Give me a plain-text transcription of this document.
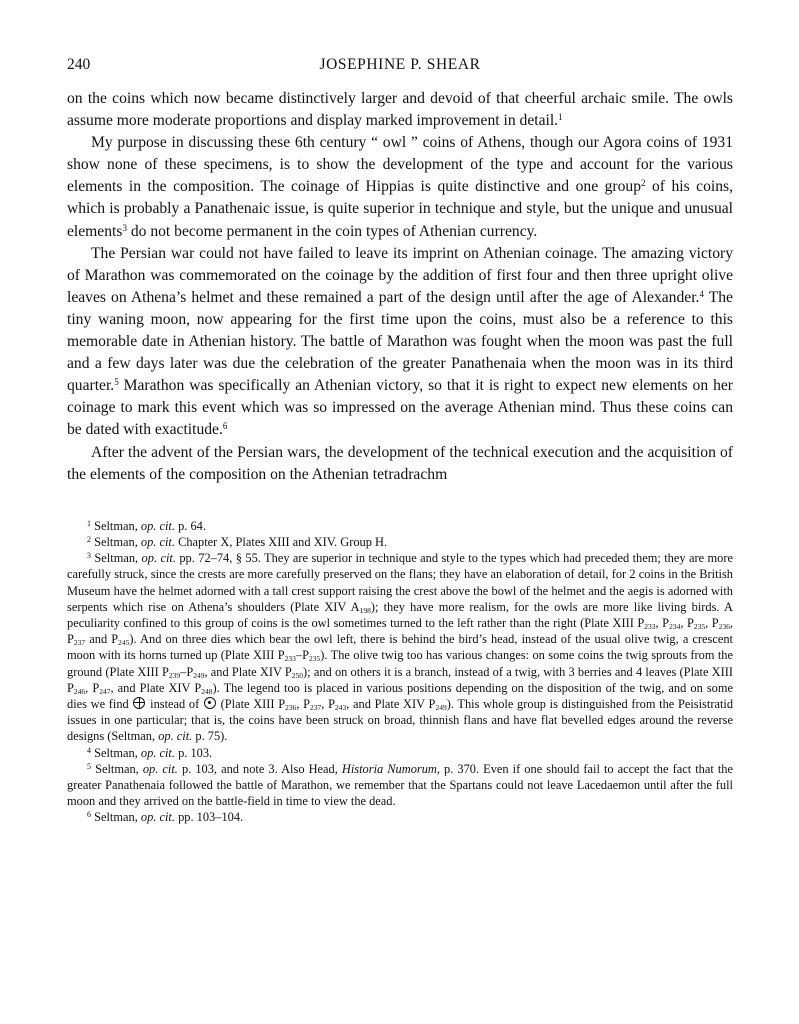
240	JOSEPHINE P. SHEAR

on the coins which now became distinctively larger and devoid of that cheerful archaic smile. The owls assume more moderate proportions and display marked improvement in detail.$^1$

My purpose in discussing these 6th century “ owl ” coins of Athens, though our Agora coins of 1931 show none of these specimens, is to show the development of the type and account for the various elements in the composition. The coinage of Hippias is quite distinctive and one group$^2$ of his coins, which is probably a Panathenaic issue, is quite superior in technique and style, but the unique and unusual elements$^3$ do not become permanent in the coin types of Athenian currency.

The Persian war could not have failed to leave its imprint on Athenian coinage. The amazing victory of Marathon was commemorated on the coinage by the addition of first four and then three upright olive leaves on Athena’s helmet and these remained a part of the design until after the age of Alexander.$^4$ The tiny waning moon, now appearing for the first time upon the coins, must also be a reference to this memorable date in Athenian history. The battle of Marathon was fought when the moon was past the full and a few days later was due the celebration of the greater Panathenaia when the moon was in its third quarter.$^5$ Marathon was specifically an Athenian victory, so that it is right to expect new elements on her coinage to mark this event which was so impressed on the average Athenian mind. Thus these coins can be dated with exactitude.$^6$

After the advent of the Persian wars, the development of the technical execution and the acquisition of the elements of the composition on the Athenian tetradrachm

$^1$ Seltman, op. cit. p. 64.

$^2$ Seltman, op. cit. Chapter X, Plates XIII and XIV. Group H.

$^3$ Seltman, op. cit. pp. 72–74, § 55. They are superior in technique and style to the types which had preceded them; they are more carefully struck, since the crests are more carefully preserved on the flans; they have an elaboration of detail, for 2 coins in the British Museum have the helmet adorned with a tall crest support raising the crest above the bowl of the helmet and the aegis is adorned with serpents which rise on Athena’s shoulders (Plate XIV $A_{198}$); they have more realism, for the owls are more like living birds. A peculiarity confined to this group of coins is the owl sometimes turned to the left rather than the right (Plate XIII $P_{233}$, $P_{234}$, $P_{235}$, $P_{236}$, $P_{237}$ and $P_{245}$). And on three dies which bear the owl left, there is behind the bird’s head, instead of the usual olive twig, a crescent moon with its horns turned up (Plate XIII $P_{233}-P_{235}$). The olive twig too has various changes: on some coins the twig sprouts from the ground (Plate XIII $P_{239}-P_{249}$, and Plate XIV $P_{250}$); and on others it is a branch, instead of a twig, with 3 berries and 4 leaves (Plate XIII $P_{246}$, $P_{247}$, and Plate XIV $P_{248}$). The legend too is placed in various positions depending on the disposition of the twig, and on some dies we find  instead of  (Plate XIII $P_{236}$, $P_{237}$, $P_{243}$, and Plate XIV $P_{249}$). This whole group is distinguished from the Peisistratid issues in one particular; that is, the coins have been struck on broad, thinnish flans and have flat bevelled edges around the reverse designs (Seltman, op. cit. p. 75).

$^4$ Seltman, op. cit. p. 103.

$^5$ Seltman, op. cit. p. 103, and note 3. Also Head, Historia Numorum, p. 370. Even if one should fail to accept the fact that the greater Panathenaia followed the battle of Marathon, we remember that the Spartans could not leave Lacedaemon until after the full moon and they arrived on the battle-field in time to view the dead.

$^6$ Seltman, op. cit. pp. 103–104.
